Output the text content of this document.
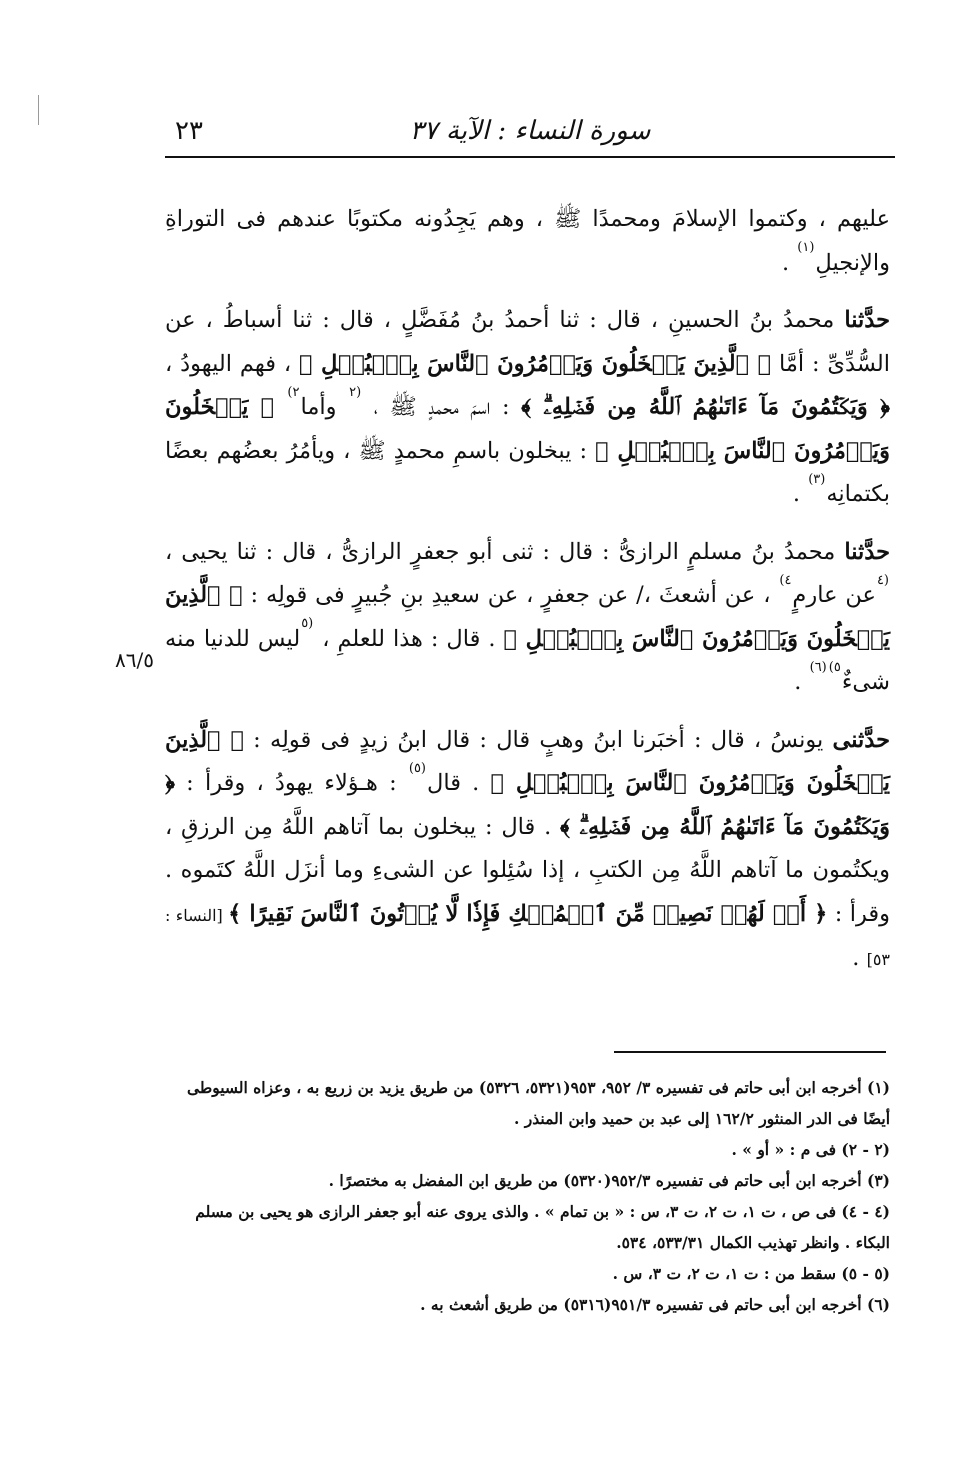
٢٣	سورة النساء : الآية ٣٧
٨٦/٥

عليهم ، وكتموا الإسلامَ ومحمدًا ﷺ ، وهم يَجِدُونه مكتوبًا عندهم فى التوراةِ والإنجيلِ$^{(١)}$ .

حدَّثنا محمدُ بنُ الحسينِ ، قال : ثنا أحمدُ بنُ مُفَضَّلٍ ، قال : ثنا أسباطُ ، عن السُّدِّىِّ : أمَّا ﴿ ٱلَّذِينَ يَبۡخَلُونَ وَيَأۡمُرُونَ ٱلنَّاسَ بِٱلۡبُخۡلِ ﴾ ، فهم اليهودُ ، ﴿ وَيَكۡتُمُونَ مَآ ءَاتَىٰهُمُ ٱللَّهُ مِن فَضۡلِهِۦۗ ﴾ : اسمَ محمدٍ ﷺ ، $^{(٢}$ وأما$^{٢)}$ ﴿ يَبۡخَلُونَ وَيَأۡمُرُونَ ٱلنَّاسَ بِٱلۡبُخۡلِ ﴾ : يبخلون باسمِ محمدٍ ﷺ ، ويأمُرُ بعضُهم بعضًا بكتمانِه$^{(٣)}$ .

حدَّثنا محمدُ بنُ مسلمٍ الرازىُّ : قال : ثنى أبو جعفرٍ الرازىُّ ، قال : ثنا يحيى ، $^{(٤}$عن عارمٍ$^{٤)}$ ، عن أشعثَ ،/ عن جعفرٍ ، عن سعيدِ بنِ جُبيرٍ فى قولِه : ﴿ ٱلَّذِينَ يَبۡخَلُونَ وَيَأۡمُرُونَ ٱلنَّاسَ بِٱلۡبُخۡلِ ﴾ . قال : هذا للعلمِ ، $^{(٥}$ليس للدنيا منه شىءٌ$^{٥)(٦)}$ .

حدَّثنى يونسُ ، قال : أخبَرنا ابنُ وهبٍ قال : قال ابنُ زيدٍ فى قولِه : ﴿ ٱلَّذِينَ يَبۡخَلُونَ وَيَأۡمُرُونَ ٱلنَّاسَ بِٱلۡبُخۡلِ ﴾ . قال$^{(٥)}$ : هـؤلاء يهودُ ، وقرأ : ﴿ وَيَكۡتُمُونَ مَآ ءَاتَىٰهُمُ ٱللَّهُ مِن فَضۡلِهِۦۗ ﴾ . قال : يبخلون بما آتاهم اللَّهُ مِن الرزقِ ، ويكتُمون ما آتاهم اللَّهُ مِن الكتبِ ، إذا سُئِلوا عن الشىءِ وما أنزَل اللَّهُ كتَموه . وقرأ : ﴿ أَمۡ لَهُمۡ نَصِيبٞ مِّنَ ٱلۡمُلۡكِ فَإِذٗا لَّا يُؤۡتُونَ ٱلنَّاسَ نَقِيرًا ﴾ [النساء : ٥٣] .

(١) أخرجه ابن أبى حاتم فى تفسيره ٣/ ٩٥٢، ٩٥٣(٥٣٢١، ٥٣٢٦) من طريق يزيد بن زريع به ، وعزاه السيوطى أيضًا فى الدر المنثور ١٦٢/٢ إلى عبد بن حميد وابن المنذر .

(٢ - ٢) فى م : « أو » .

(٣) أخرجه ابن أبى حاتم فى تفسيره ٩٥٢/٣(٥٣٢٠) من طريق ابن المفضل به مختصرًا .

(٤ - ٤) فى ص ، ت ١، ت ٢، ت ٣، س : « بن تمام » . والذى يروى عنه أبو جعفر الرازى هو يحيى بن مسلم البكاء . وانظر تهذيب الكمال ٥٣٣/٣١، ٥٣٤.

(٥ - ٥) سقط من : ت ١، ت ٢، ت ٣، س .

(٦) أخرجه ابن أبى حاتم فى تفسيره ٩٥١/٣(٥٣١٦) من طريق أشعث به .
